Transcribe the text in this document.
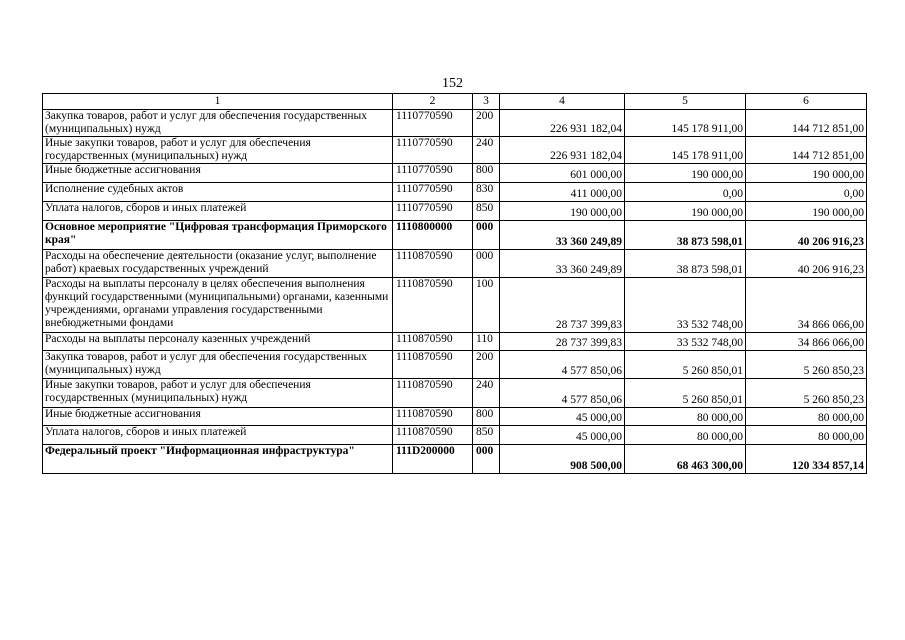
152
1	2	3	4	5	6
Закупка товаров, работ и услуг для обеспечения государственных (муниципальных) нужд	1110770590	200	226 931 182,04	145 178 911,00	144 712 851,00
Иные закупки товаров, работ и услуг для обеспечения государственных (муниципальных) нужд	1110770590	240	226 931 182,04	145 178 911,00	144 712 851,00
Иные бюджетные ассигнования	1110770590	800	601 000,00	190 000,00	190 000,00
Исполнение судебных актов	1110770590	830	411 000,00	0,00	0,00
Уплата налогов, сборов и иных платежей	1110770590	850	190 000,00	190 000,00	190 000,00
Основное мероприятие "Цифровая трансформация Приморского края"	1110800000	000	33 360 249,89	38 873 598,01	40 206 916,23
Расходы на обеспечение деятельности (оказание услуг, выполнение работ) краевых государственных учреждений	1110870590	000	33 360 249,89	38 873 598,01	40 206 916,23
Расходы на выплаты персоналу в целях обеспечения выполнения функций государственными (муниципальными) органами, казенными учреждениями, органами управления государственными внебюджетными фондами	1110870590	100	28 737 399,83	33 532 748,00	34 866 066,00
Расходы на выплаты персоналу казенных учреждений	1110870590	110	28 737 399,83	33 532 748,00	34 866 066,00
Закупка товаров, работ и услуг для обеспечения государственных (муниципальных) нужд	1110870590	200	4 577 850,06	5 260 850,01	5 260 850,23
Иные закупки товаров, работ и услуг для обеспечения государственных (муниципальных) нужд	1110870590	240	4 577 850,06	5 260 850,01	5 260 850,23
Иные бюджетные ассигнования	1110870590	800	45 000,00	80 000,00	80 000,00
Уплата налогов, сборов и иных платежей	1110870590	850	45 000,00	80 000,00	80 000,00
Федеральный проект "Информационная инфраструктура"	111D200000	000	908 500,00	68 463 300,00	120 334 857,14
